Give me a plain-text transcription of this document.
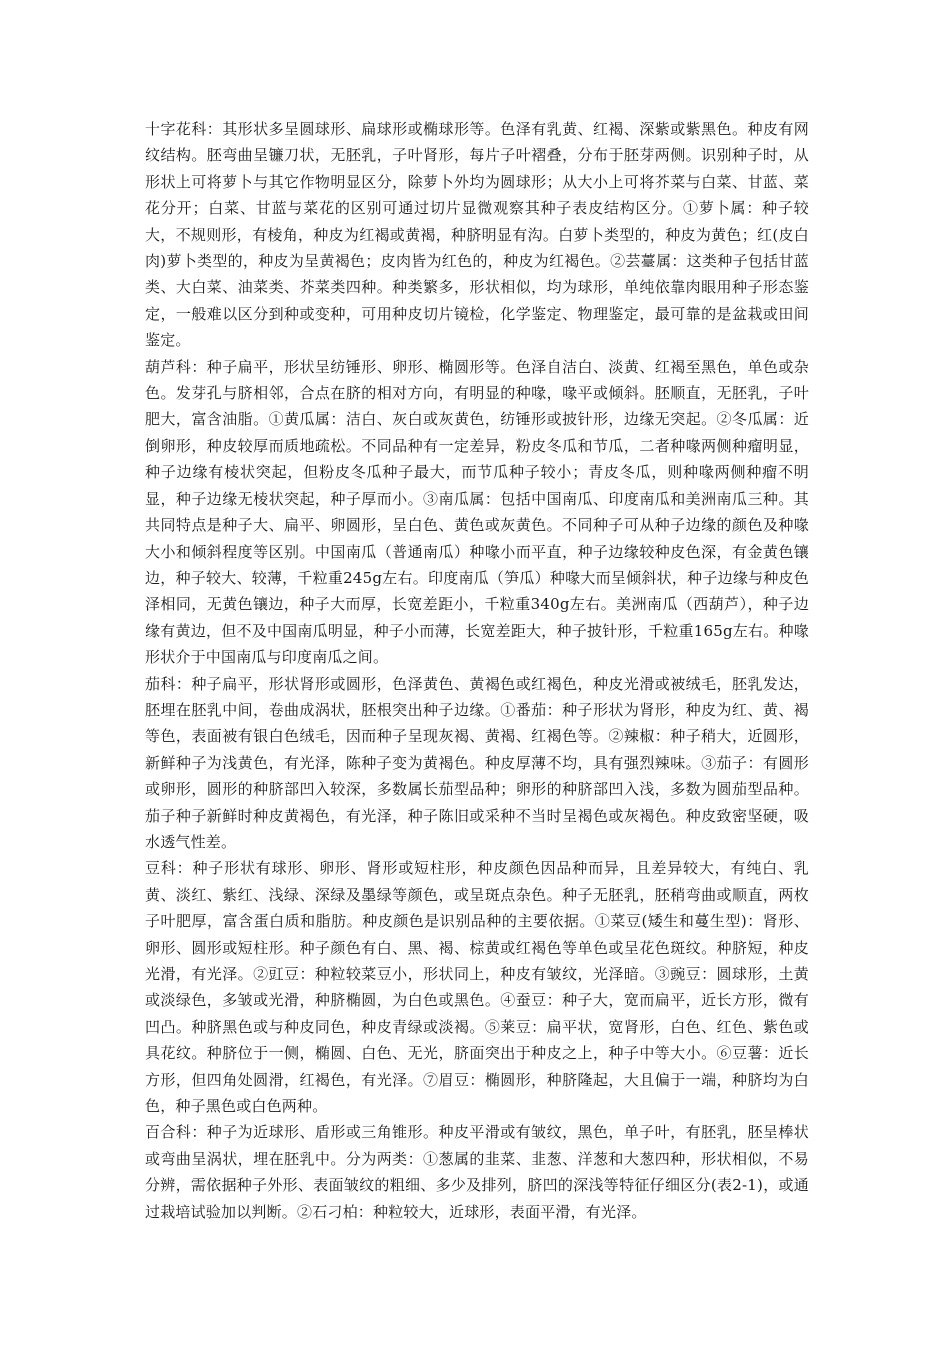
十字花科：其形状多呈圆球形、扁球形或椭球形等。色泽有乳黄、红褐、深紫或紫黑色。种皮有网纹结构。胚弯曲呈镰刀状，无胚乳，子叶肾形，每片子叶褶叠，分布于胚芽两侧。识别种子时，从形状上可将萝卜与其它作物明显区分，除萝卜外均为圆球形；从大小上可将芥菜与白菜、甘蓝、菜花分开；白菜、甘蓝与菜花的区别可通过切片显微观察其种子表皮结构区分。①萝卜属：种子较大，不规则形，有棱角，种皮为红褐或黄褐，种脐明显有沟。白萝卜类型的，种皮为黄色；红(皮白肉)萝卜类型的，种皮为呈黄褐色；皮肉皆为红色的，种皮为红褐色。②芸薹属：这类种子包括甘蓝类、大白菜、油菜类、芥菜类四种。种类繁多，形状相似，均为球形，单纯依靠肉眼用种子形态鉴定，一般难以区分到种或变种，可用种皮切片镜检，化学鉴定、物理鉴定，最可靠的是盆栽或田间鉴定。

葫芦科：种子扁平，形状呈纺锤形、卵形、椭圆形等。色泽自洁白、淡黄、红褐至黑色，单色或杂色。发芽孔与脐相邻，合点在脐的相对方向，有明显的种喙，喙平或倾斜。胚顺直，无胚乳，子叶肥大，富含油脂。①黄瓜属：洁白、灰白或灰黄色，纺锤形或披针形，边缘无突起。②冬瓜属：近倒卵形，种皮较厚而质地疏松。不同品种有一定差异，粉皮冬瓜和节瓜，二者种喙两侧种瘤明显，种子边缘有棱状突起，但粉皮冬瓜种子最大，而节瓜种子较小；青皮冬瓜，则种喙两侧种瘤不明显，种子边缘无棱状突起，种子厚而小。③南瓜属：包括中国南瓜、印度南瓜和美洲南瓜三种。其共同特点是种子大、扁平、卵圆形，呈白色、黄色或灰黄色。不同种子可从种子边缘的颜色及种喙大小和倾斜程度等区别。中国南瓜（普通南瓜）种喙小而平直，种子边缘较种皮色深，有金黄色镶边，种子较大、较薄，千粒重245g左右。印度南瓜（笋瓜）种喙大而呈倾斜状，种子边缘与种皮色泽相同，无黄色镶边，种子大而厚，长宽差距小，千粒重340g左右。美洲南瓜（西葫芦），种子边缘有黄边，但不及中国南瓜明显，种子小而薄，长宽差距大，种子披针形，千粒重165g左右。种喙形状介于中国南瓜与印度南瓜之间。

茄科：种子扁平，形状肾形或圆形，色泽黄色、黄褐色或红褐色，种皮光滑或被绒毛，胚乳发达，胚埋在胚乳中间，卷曲成涡状，胚根突出种子边缘。①番茄：种子形状为肾形，种皮为红、黄、褐等色，表面被有银白色绒毛，因而种子呈现灰褐、黄褐、红褐色等。②辣椒：种子稍大，近圆形，新鲜种子为浅黄色，有光泽，陈种子变为黄褐色。种皮厚薄不均，具有强烈辣味。③茄子：有圆形或卵形，圆形的种脐部凹入较深，多数属长茄型品种；卵形的种脐部凹入浅，多数为圆茄型品种。茄子种子新鲜时种皮黄褐色，有光泽，种子陈旧或采种不当时呈褐色或灰褐色。种皮致密坚硬，吸水透气性差。

豆科：种子形状有球形、卵形、肾形或短柱形，种皮颜色因品种而异，且差异较大，有纯白、乳黄、淡红、紫红、浅绿、深绿及墨绿等颜色，或呈斑点杂色。种子无胚乳，胚稍弯曲或顺直，两枚子叶肥厚，富含蛋白质和脂肪。种皮颜色是识别品种的主要依据。①菜豆(矮生和蔓生型)：肾形、卵形、圆形或短柱形。种子颜色有白、黑、褐、棕黄或红褐色等单色或呈花色斑纹。种脐短，种皮光滑，有光泽。②豇豆：种粒较菜豆小，形状同上，种皮有皱纹，光泽暗。③豌豆：圆球形，土黄或淡绿色，多皱或光滑，种脐椭圆，为白色或黑色。④蚕豆：种子大，宽而扁平，近长方形，微有凹凸。种脐黑色或与种皮同色，种皮青绿或淡褐。⑤莱豆：扁平状，宽肾形，白色、红色、紫色或具花纹。种脐位于一侧，椭圆、白色、无光，脐面突出于种皮之上，种子中等大小。⑥豆薯：近长方形，但四角处圆滑，红褐色，有光泽。⑦眉豆：椭圆形，种脐隆起，大且偏于一端，种脐均为白色，种子黑色或白色两种。

百合科：种子为近球形、盾形或三角锥形。种皮平滑或有皱纹，黑色，单子叶，有胚乳，胚呈棒状或弯曲呈涡状，埋在胚乳中。分为两类：①葱属的韭菜、韭葱、洋葱和大葱四种，形状相似，不易分辨，需依据种子外形、表面皱纹的粗细、多少及排列，脐凹的深浅等特征仔细区分(表2-1)，或通过栽培试验加以判断。②石刁柏：种粒较大，近球形，表面平滑，有光泽。
